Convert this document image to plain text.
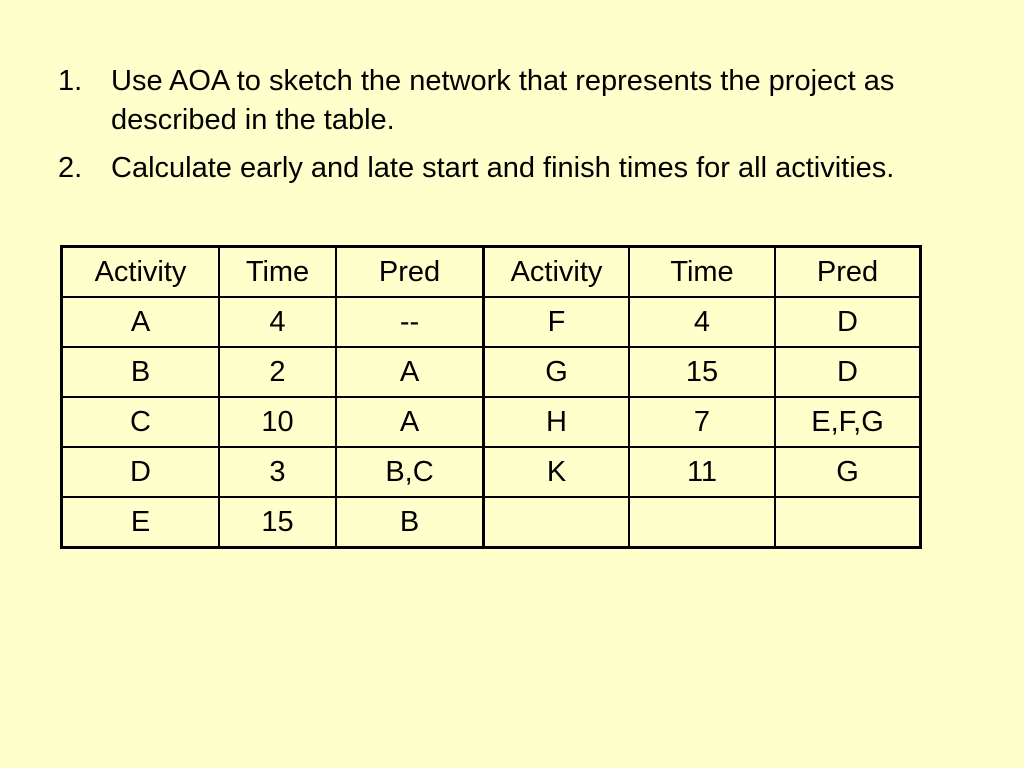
1. Use AOA to sketch the network that represents the project as described in the table.
2. Calculate early and late start and finish times for all activities.
Activity	Time	Pred	Activity	Time	Pred
A	4	--	F	4	D
B	2	A	G	15	D
C	10	A	H	7	E,F,G
D	3	B,C	K	11	G
E	15	B			
